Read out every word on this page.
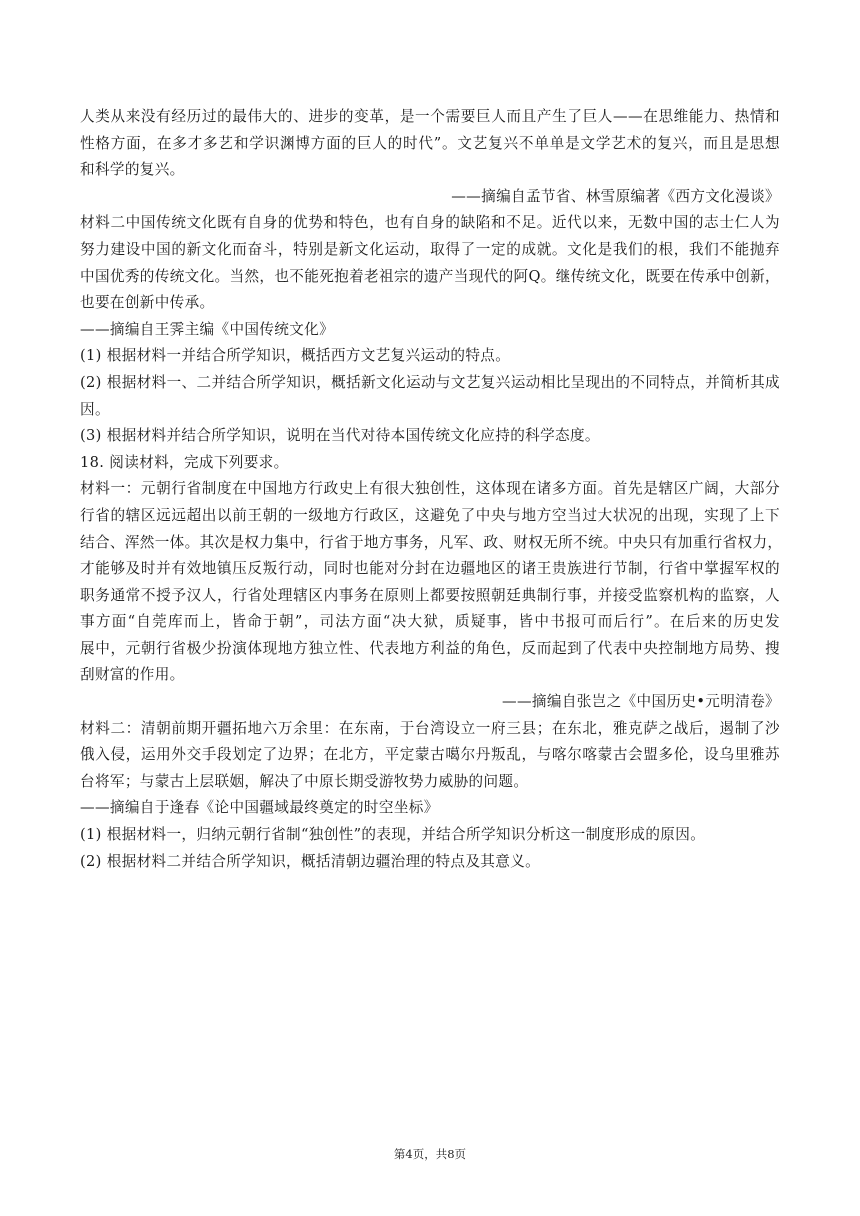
人类从来没有经历过的最伟大的、进步的变革，是一个需要巨人而且产生了巨人——在思维能力、热情和
性格方面，在多才多艺和学识渊博方面的巨人的时代”。文艺复兴不单单是文学艺术的复兴，而且是思想
和科学的复兴。
——摘编自孟节省、林雪原编著《西方文化漫谈》
材料二中国传统文化既有自身的优势和特色，也有自身的缺陷和不足。近代以来，无数中国的志士仁人为
努力建设中国的新文化而奋斗，特别是新文化运动，取得了一定的成就。文化是我们的根，我们不能抛弃
中国优秀的传统文化。当然，也不能死抱着老祖宗的遗产当现代的阿Q。继传统文化，既要在传承中创新，
也要在创新中传承。
——摘编自王霁主编《中国传统文化》
(1) 根据材料一并结合所学知识，概括西方文艺复兴运动的特点。
(2) 根据材料一、二并结合所学知识，概括新文化运动与文艺复兴运动相比呈现出的不同特点，并简析其成
因。
(3) 根据材料并结合所学知识，说明在当代对待本国传统文化应持的科学态度。
18. 阅读材料，完成下列要求。
材料一：元朝行省制度在中国地方行政史上有很大独创性，这体现在诸多方面。首先是辖区广阔，大部分
行省的辖区远远超出以前王朝的一级地方行政区，这避免了中央与地方空当过大状况的出现，实现了上下
结合、浑然一体。其次是权力集中，行省于地方事务，凡军、政、财权无所不统。中央只有加重行省权力，
才能够及时并有效地镇压反叛行动，同时也能对分封在边疆地区的诸王贵族进行节制，行省中掌握军权的
职务通常不授予汉人，行省处理辖区内事务在原则上都要按照朝廷典制行事，并接受监察机构的监察，人
事方面“自莞库而上，皆命于朝”，司法方面“决大狱，质疑事，皆中书报可而后行”。在后来的历史发
展中，元朝行省极少扮演体现地方独立性、代表地方利益的角色，反而起到了代表中央控制地方局势、搜
刮财富的作用。
——摘编自张岂之《中国历史•元明清卷》
材料二：清朝前期开疆拓地六万余里：在东南，于台湾设立一府三县；在东北，雅克萨之战后，遏制了沙
俄入侵，运用外交手段划定了边界；在北方，平定蒙古噶尔丹叛乱，与喀尔喀蒙古会盟多伦，设乌里雅苏
台将军；与蒙古上层联姻，解决了中原长期受游牧势力威胁的问题。
——摘编自于逢春《论中国疆域最终奠定的时空坐标》
(1) 根据材料一，归纳元朝行省制“独创性”的表现，并结合所学知识分析这一制度形成的原因。
(2) 根据材料二并结合所学知识，概括清朝边疆治理的特点及其意义。
第4页，共8页
